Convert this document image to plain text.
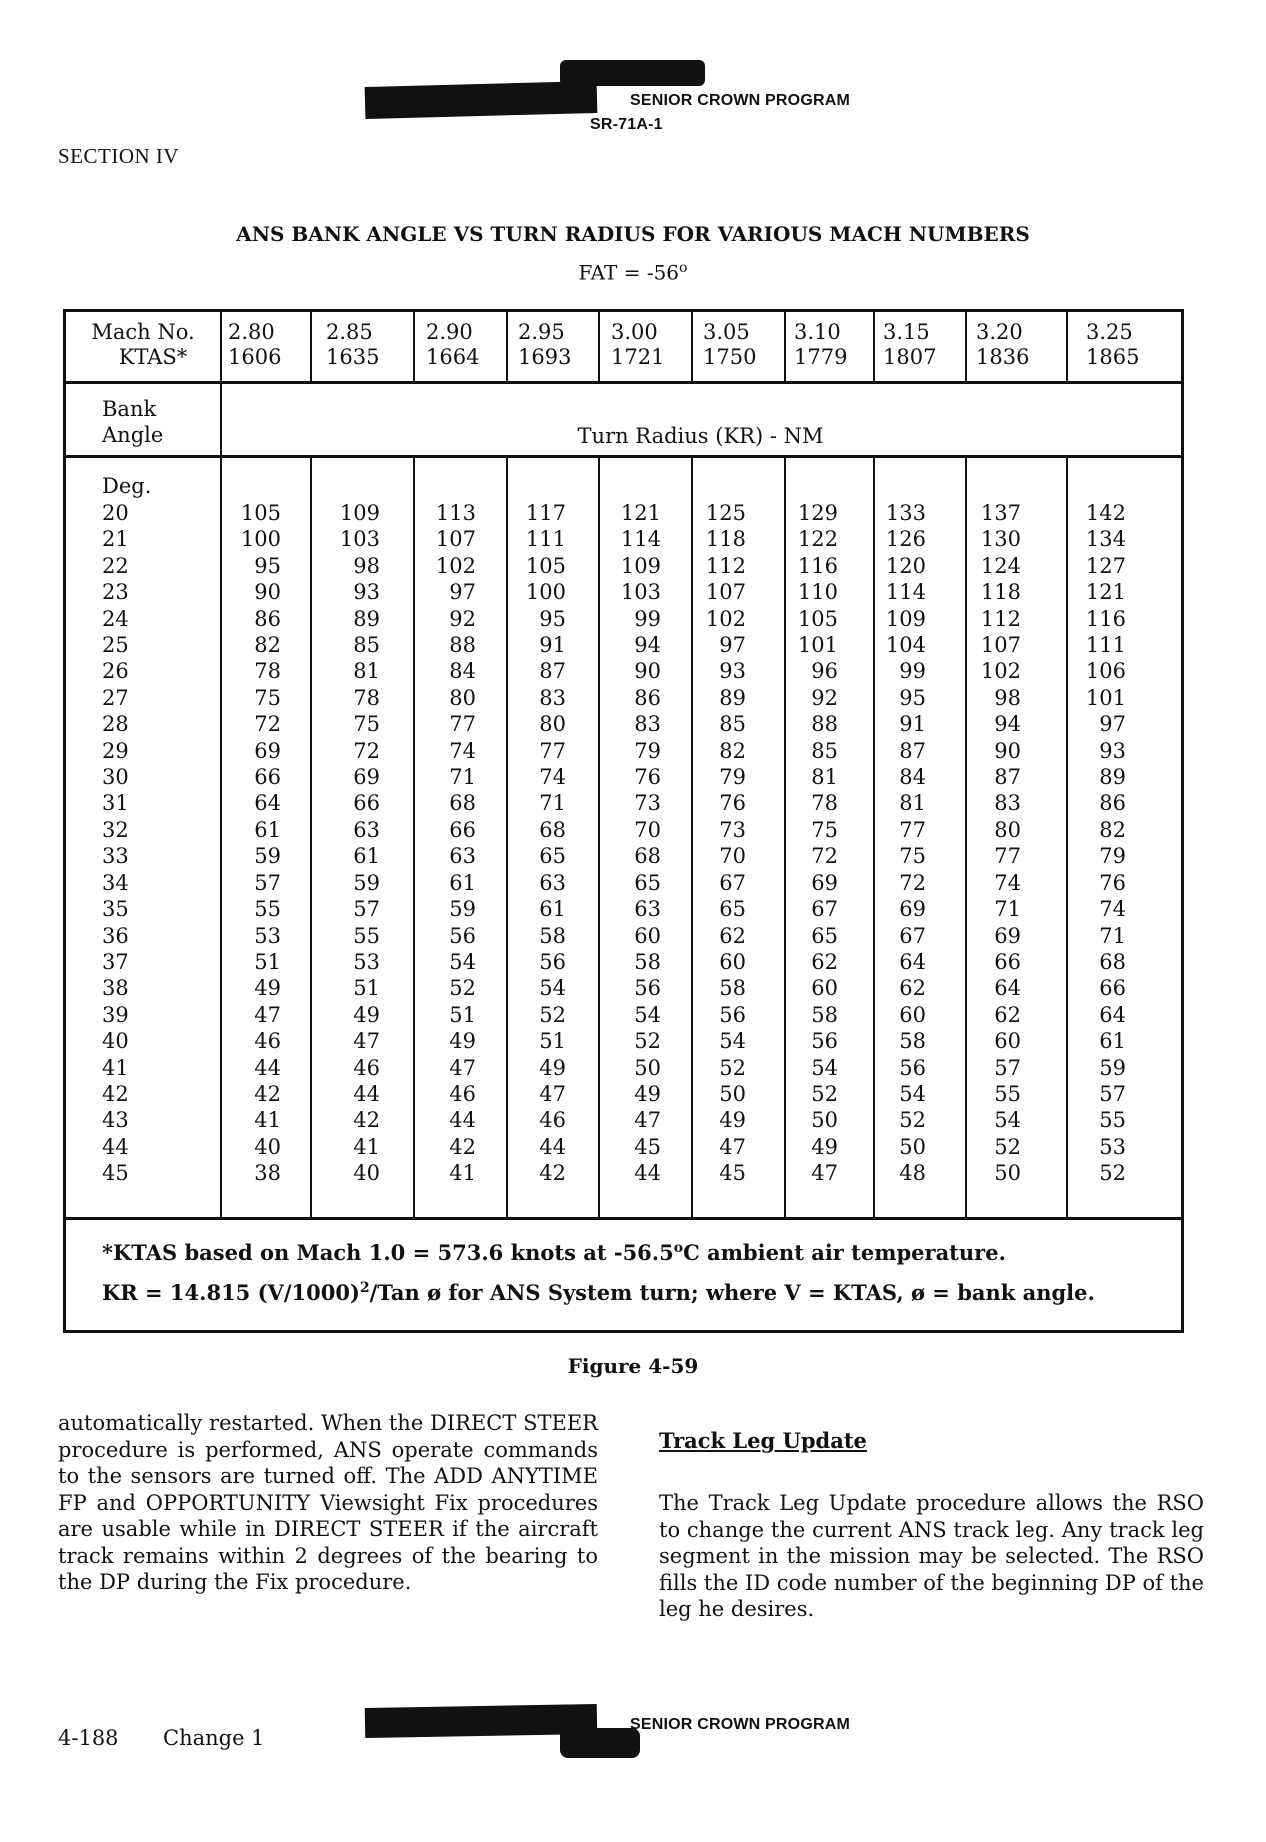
SENIOR CROWN PROGRAM
SR-71A-1
SECTION IV
ANS BANK ANGLE VS TURN RADIUS FOR VARIOUS MACH NUMBERS
FAT = $-56^o$
Mach No.
KTAS*
2.80
1606
2.85
1635
2.90
1664
2.95
1693
3.00
1721
3.05
1750
3.10
1779
3.15
1807
3.20
1836
3.25
1865
Bank
Angle	Turn Radius (KR) - NM
Deg.
20
21
22
23
24
25
26
27
28
29
30
31
32
33
34
35
36
37
38
39
40
41
42
43
44
45
105
100
95
90
86
82
78
75
72
69
66
64
61
59
57
55
53
51
49
47
46
44
42
41
40
38
109
103
98
93
89
85
81
78
75
72
69
66
63
61
59
57
55
53
51
49
47
46
44
42
41
40
113
107
102
97
92
88
84
80
77
74
71
68
66
63
61
59
56
54
52
51
49
47
46
44
42
41
117
111
105
100
95
91
87
83
80
77
74
71
68
65
63
61
58
56
54
52
51
49
47
46
44
42
121
114
109
103
99
94
90
86
83
79
76
73
70
68
65
63
60
58
56
54
52
50
49
47
45
44
125
118
112
107
102
97
93
89
85
82
79
76
73
70
67
65
62
60
58
56
54
52
50
49
47
45
129
122
116
110
105
101
96
92
88
85
81
78
75
72
69
67
65
62
60
58
56
54
52
50
49
47
133
126
120
114
109
104
99
95
91
87
84
81
77
75
72
69
67
64
62
60
58
56
54
52
50
48
137
130
124
118
112
107
102
98
94
90
87
83
80
77
74
71
69
66
64
62
60
57
55
54
52
50
142
134
127
121
116
111
106
101
97
93
89
86
82
79
76
74
71
68
66
64
61
59
57
55
53
52
*KTAS based on Mach 1.0 = 573.6 knots at -56.5$^o$C ambient air temperature.
KR = 14.815 $(V/1000)^2$/Tan ø for ANS System turn; where V = KTAS, ø = bank angle.
Figure 4-59
automatically restarted. When the DIRECT STEER procedure is performed, ANS operate commands to the sensors are turned off. The ADD ANYTIME FP and OPPORTUNITY Viewsight Fix procedures are usable while in DIRECT STEER if the aircraft track remains within 2 degrees of the bearing to the DP during the Fix procedure.
Track Leg Update
The Track Leg Update procedure allows the RSO to change the current ANS track leg. Any track leg segment in the mission may be selected. The RSO fills the ID code number of the beginning DP of the leg he desires.
4-188 Change 1
SENIOR CROWN PROGRAM
